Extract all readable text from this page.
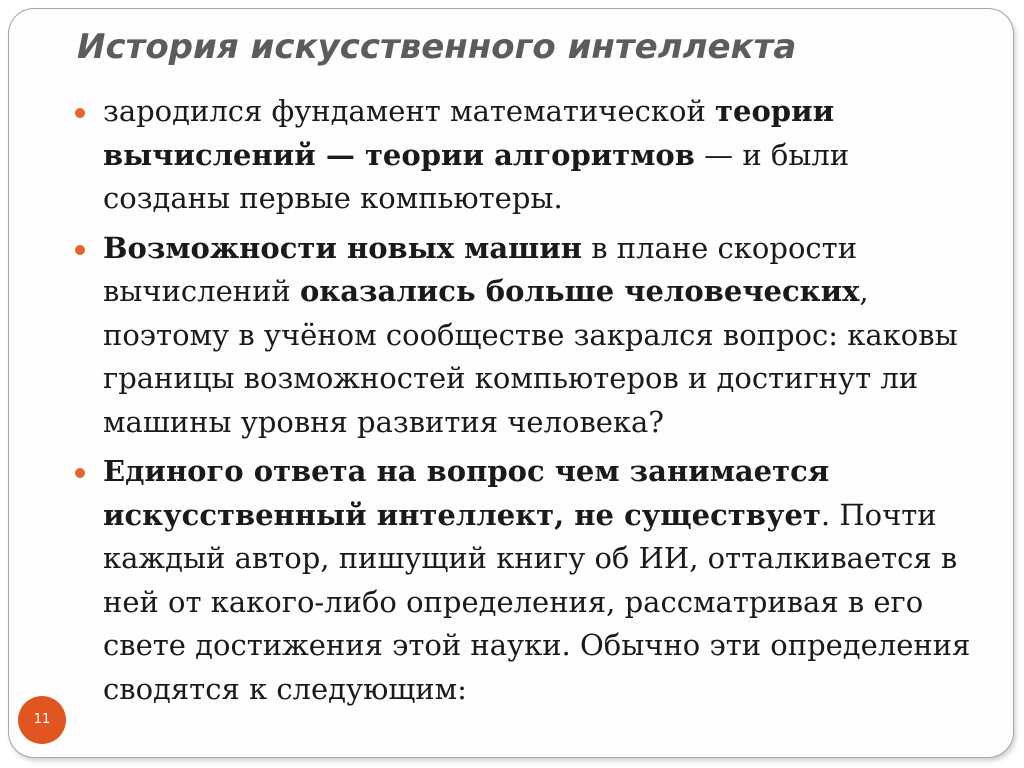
История искусственного интеллекта
зародился фундамент математической теории вычислений — теории алгоритмов — и были созданы первые компьютеры.
Возможности новых машин в плане скорости вычислений оказались больше человеческих, поэтому в учёном сообществе закрался вопрос: каковы границы возможностей компьютеров и достигнут ли машины уровня развития человека?
Единого ответа на вопрос чем занимается искусственный интеллект, не существует. Почти каждый автор, пишущий книгу об ИИ, отталкивается в ней от какого-либо определения, рассматривая в его свете достижения этой науки. Обычно эти определения сводятся к следующим:
11
